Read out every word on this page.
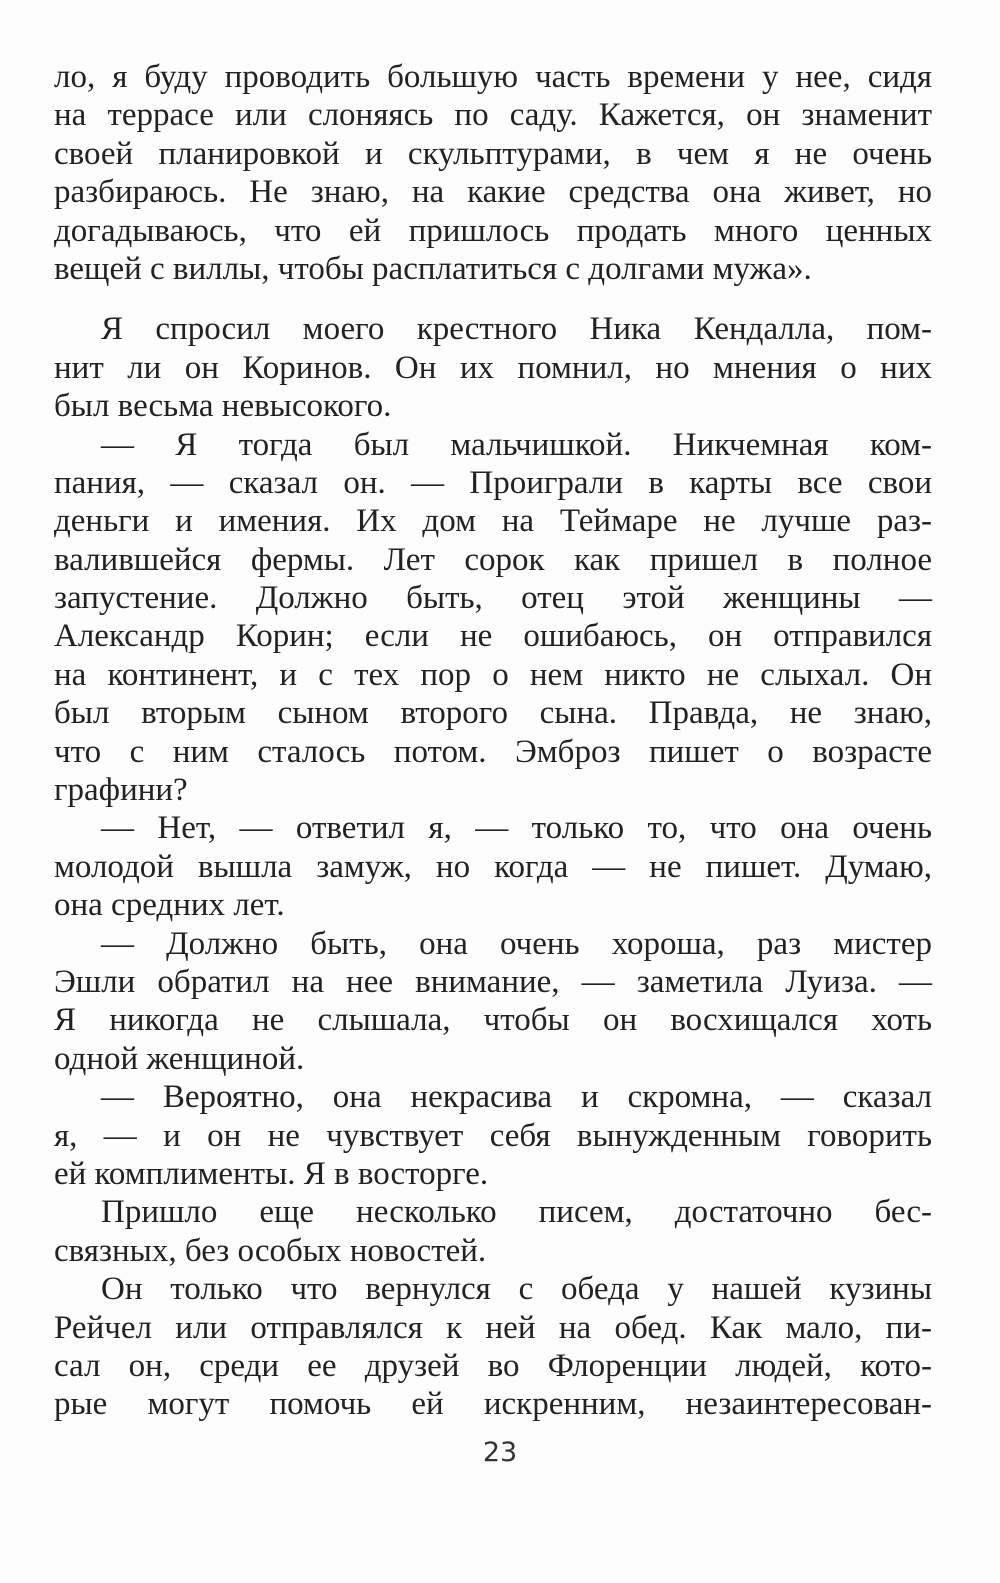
ло, я буду проводить большую часть времени у нее, сидя
на террасе или слоняясь по саду. Кажется, он знаменит
своей планировкой и скульптурами, в чем я не очень
разбираюсь. Не знаю, на какие средства она живет, но
догадываюсь, что ей пришлось продать много ценных
вещей с виллы, чтобы расплатиться с долгами мужа».
Я спросил моего крестного Ника Кендалла, пом-
нит ли он Коринов. Он их помнил, но мнения о них
был весьма невысокого.
— Я тогда был мальчишкой. Никчемная ком-
пания, — сказал он. — Проиграли в карты все свои
деньги и имения. Их дом на Теймаре не лучше раз-
валившейся фермы. Лет сорок как пришел в полное
запустение. Должно быть, отец этой женщины —
Александр Корин; если не ошибаюсь, он отправился
на континент, и с тех пор о нем никто не слыхал. Он
был вторым сыном второго сына. Правда, не знаю,
что с ним сталось потом. Эмброз пишет о возрасте
графини?
— Нет, — ответил я, — только то, что она очень
молодой вышла замуж, но когда — не пишет. Думаю,
она средних лет.
— Должно быть, она очень хороша, раз мистер
Эшли обратил на нее внимание, — заметила Луиза. —
Я никогда не слышала, чтобы он восхищался хоть
одной женщиной.
— Вероятно, она некрасива и скромна, — сказал
я, — и он не чувствует себя вынужденным говорить
ей комплименты. Я в восторге.
Пришло еще несколько писем, достаточно бес-
связных, без особых новостей.
Он только что вернулся с обеда у нашей кузины
Рейчел или отправлялся к ней на обед. Как мало, пи-
сал он, среди ее друзей во Флоренции людей, кото-
рые могут помочь ей искренним, незаинтересован-
23
